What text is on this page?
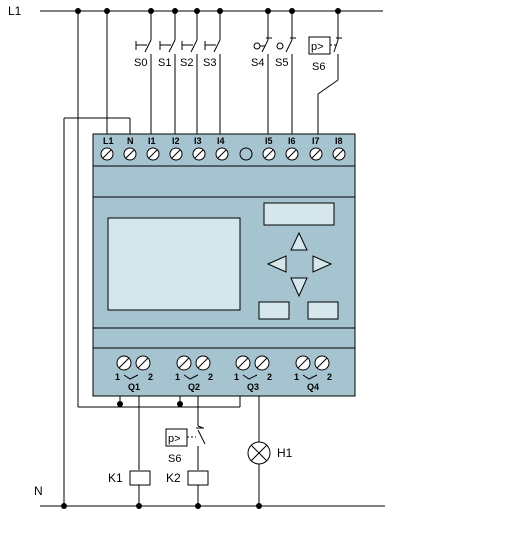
L1
N
p>
S0 S1 S2 S3	S4 S5 S6
L1 N I1 I2 I3 I4	I5 I6 I7 I8
1	2
Q1
1	2
Q2
1	2
Q3
1	2
Q4
p>
S6
K1	K2
H1
